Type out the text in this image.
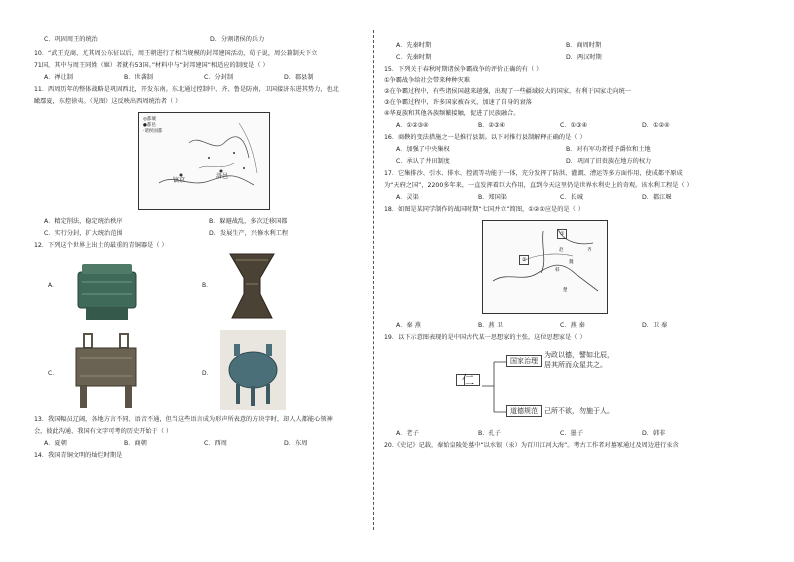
C．巩固周王的统治	D．分割诸侯的兵力
10．“武王克商、尤其周公东征以后，周王朝进行了相当规模的封邦建国活动，荀子说，周公兼制天下立
71国，其中与周王同姓（姬）者就有53国。”材料中与“封邦建国”相适应的制度是（ ）
A．禅让制	B．世袭制	C．分封制	D．郡县制
11．西周历年的整体战略是巩固西北，开发东南。东北通过控制中、齐、鲁是防南，卫国接济东进其势力，也北
瞰鄢夏，东控徐夷。（见图）这反映出西周统治者（ ）
◎都城
●都邑
·诸侯国都
洛邑
镐京
A．精定削法，稳定统治秩序	B．躲避战乱，多次迁移国都
C．实行分封，扩大统治范围	D．发展生产，兴修水利工程
12．下列这个世界上出土的最重的青铜器是（ ）
A．	B．
C．	D．
13．我国幅员辽阔，各地方言不同、语音不通，但当这些语言成为形声所表意的方块字时，却人人都能心领神
会，彼此沟通，我国有文字可考的历史开始于（ ）
A．夏朝	B．商朝	C．西周	D．东周
14．我国青铜文明的灿烂时期是
A．先秦时期	B．商周时期
C．先秦时期	D．两汉时期
15．下列关于春秋时期诸侯争霸战争的评价正确的有（ ）
①争霸战争给社会带来种种灾难
②在争霸过程中，有些诸侯国越来越强，出现了一些疆域较大的国家，有利于国家走向统一
③在争霸过程中，许多国家被吞灭，加速了自身的衰落
④华夏族和其他各族频繁接触，促进了民族融合。
A．①②③④	B．②③④	C．①③④	D．①②④
16．商鞅的变法措施之一是推行县制。以下对推行县制解释正确的是（ ）
A．加强了中央集权	B．对有军功者授予爵位和土地
C．承认了井田制度	D．巩固了旧贵族在地方的权力
17．它集排沙、引水、排水、控流等功能于一体，充分发挥了防洪、灌溉、漕运等多方面作用，使成都平原成
为“天府之国”，2200多年来，一直发挥着巨大作用，直到今天这里仍是世界水利史上的奇观。该水利工程是（ ）
A．灵渠	B．郑国渠	C．长城	D．都江堰
18．如图是某同学制作的战国时期“七国并立”简图，①②①应是的是（ ）
①
②
齐
赵
魏
韩
楚
A．秦 燕	B．燕 卫	C．燕 秦	D．卫 秦
19．以下示意图表现的是中国古代某一思想家的主张，这位思想家是（ ）
仁
国家治理
为政以德，譬如北辰，
居其所而众星共之。
道德规范 己所不欲，勿施于人。
A．老子	B．孔子	C．墨子	D．韩非
20.《史记》记载，秦始皇陵处墓中“以水银（汞）为百川江河大海”。考古工作者对墓冢通过及周边进行汞含
